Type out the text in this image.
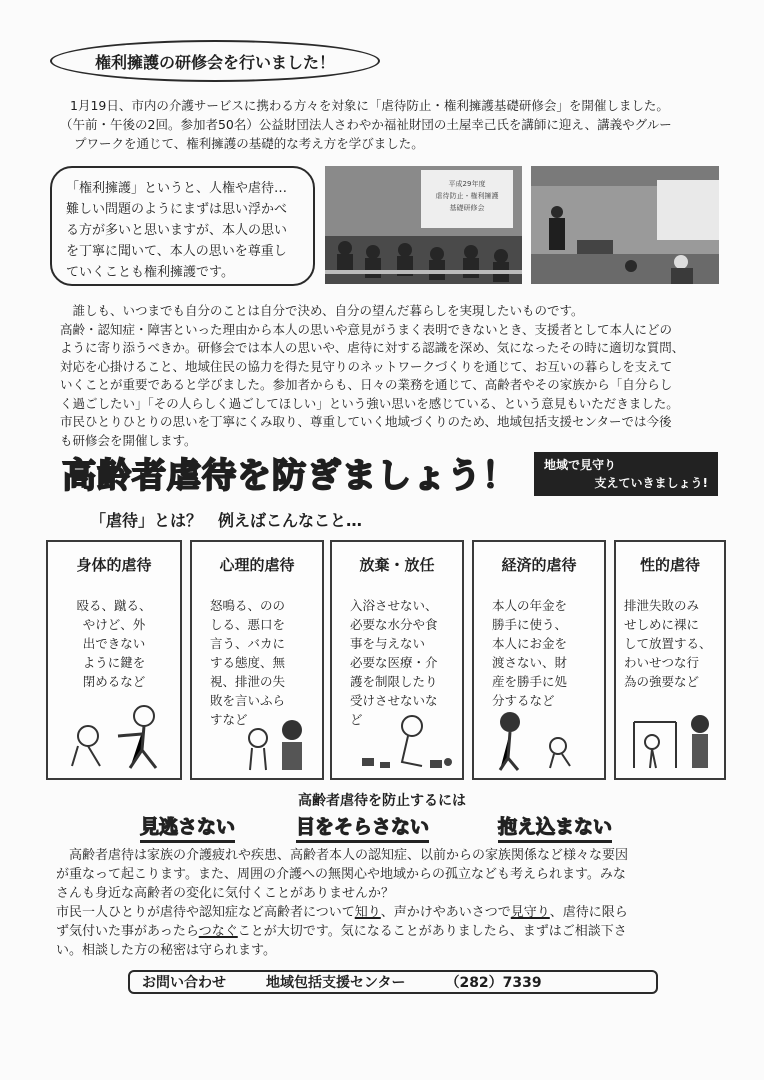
権利擁護の研修会を行いました！

1月19日、市内の介護サービスに携わる方々を対象に「虐待防止・権利擁護基礎研修会」を開催しました。

（午前・午後の2回。参加者50名）公益財団法人さわやか福祉財団の土屋幸己氏を講師に迎え、講義やグルー

プワークを通じて、権利擁護の基礎的な考え方を学びました。

「権利擁護」というと、人権や虐待…
難しい問題のようにまずは思い浮かべ
る方が多いと思いますが、本人の思い
を丁寧に聞いて、本人の思いを尊重し
ていくことも権利擁護です。
平成29年度
虐待防止・権利擁護
基礎研修会

　誰しも、いつまでも自分のことは自分で決め、自分の望んだ暮らしを実現したいものです。

高齢・認知症・障害といった理由から本人の思いや意見がうまく表明できないとき、支援者として本人にどの

ように寄り添うべきか。研修会では本人の思いや、虐待に対する認識を深め、気になったその時に適切な質問、

対応を心掛けること、地域住民の協力を得た見守りのネットワークづくりを通じて、お互いの暮らしを支えて

いくことが重要であると学びました。参加者からも、日々の業務を通じて、高齢者やその家族から「自分らし

く過ごしたい」「その人らしく過ごしてほしい」という強い思いを感じている、という意見もいただきました。

市民ひとりひとりの思いを丁寧にくみ取り、尊重していく地域づくりのため、地域包括支援センターでは今後

も研修会を開催します。

高齢者虐待を防ぎましょう！ 地域で見守り
支えていきましょう!
「虐待」とは？　例えばこんなこと…
身体的虐待
殴る、蹴る、
やけど、外
出できない
ように鍵を
閉めるなど
心理的虐待
怒鳴る、のの
しる、悪口を
言う、バカに
する態度、無
視、排泄の失
敗を言いふら
すなど
放棄・放任
入浴させない、
必要な水分や食
事を与えない
必要な医療・介
護を制限したり
受けさせないな
ど
経済的虐待
本人の年金を
勝手に使う、
本人にお金を
渡さない、財
産を勝手に処
分するなど
性的虐待
排泄失敗のみ
せしめに裸に
して放置する、
わいせつな行
為の強要など
高齢者虐待を防止するには
見逃さない	目をそらさない	抱え込まない

　高齢者虐待は家族の介護疲れや疾患、高齢者本人の認知症、以前からの家族関係など様々な要因

が重なって起こります。また、周囲の介護への無関心や地域からの孤立なども考えられます。みな

さんも身近な高齢者の変化に気付くことがありませんか？

市民一人ひとりが虐待や認知症など高齢者について知り、声かけやあいさつで見守り、虐待に限ら

ず気付いた事があったらつなぐことが大切です。気になることがありましたら、まずはご相談下さ

い。相談した方の秘密は守られます。

お問い合わせ	地域包括支援センター	（282）7339
